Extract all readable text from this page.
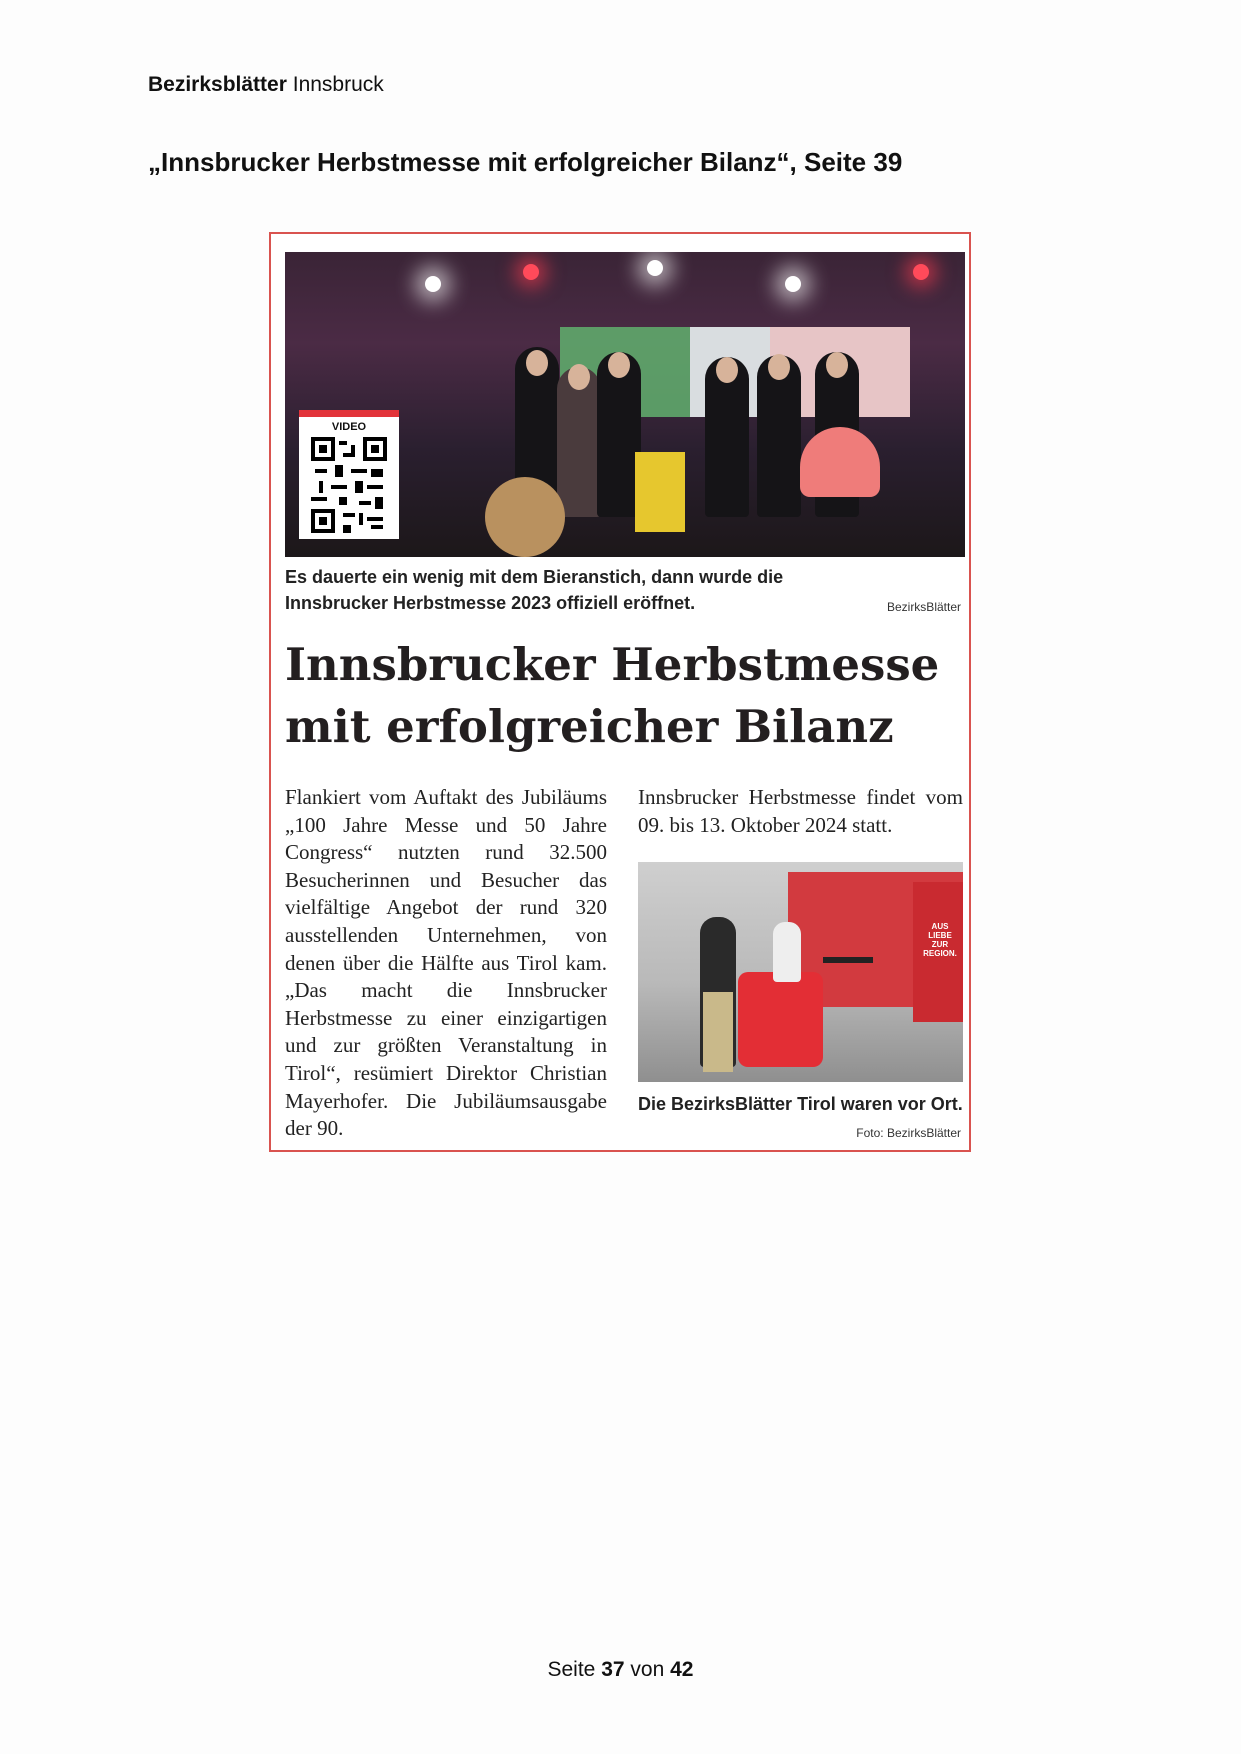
Bezirksblätter Innsbruck
„Innsbrucker Herbstmesse mit erfolgreicher Bilanz“, Seite 39
VIDEO
Es dauerte ein wenig mit dem Bieranstich, dann wurde die Innsbrucker Herbstmesse 2023 offiziell eröffnet.	BezirksBlätter
Innsbrucker Herbstmesse mit erfolgreicher Bilanz
Flankiert vom Auftakt des Jubiläums „100 Jahre Messe und 50 Jahre Congress“ nutzten rund 32.500 Besucherinnen und Besucher das vielfältige Angebot der rund 320 ausstellenden Unternehmen, von denen über die Hälfte aus Tirol kam. „Das macht die Innsbrucker Herbstmesse zu einer einzigartigen und zur größten Veranstaltung in Tirol“, resümiert Direktor Christian Mayerhofer. Die Jubiläumsausgabe der 90.
Innsbrucker Herbstmesse findet vom 09. bis 13. Oktober 2024 statt.
AUS LIEBE ZUR REGION.
Die BezirksBlätter Tirol waren vor Ort.
Foto: BezirksBlätter
Seite 37 von 42
